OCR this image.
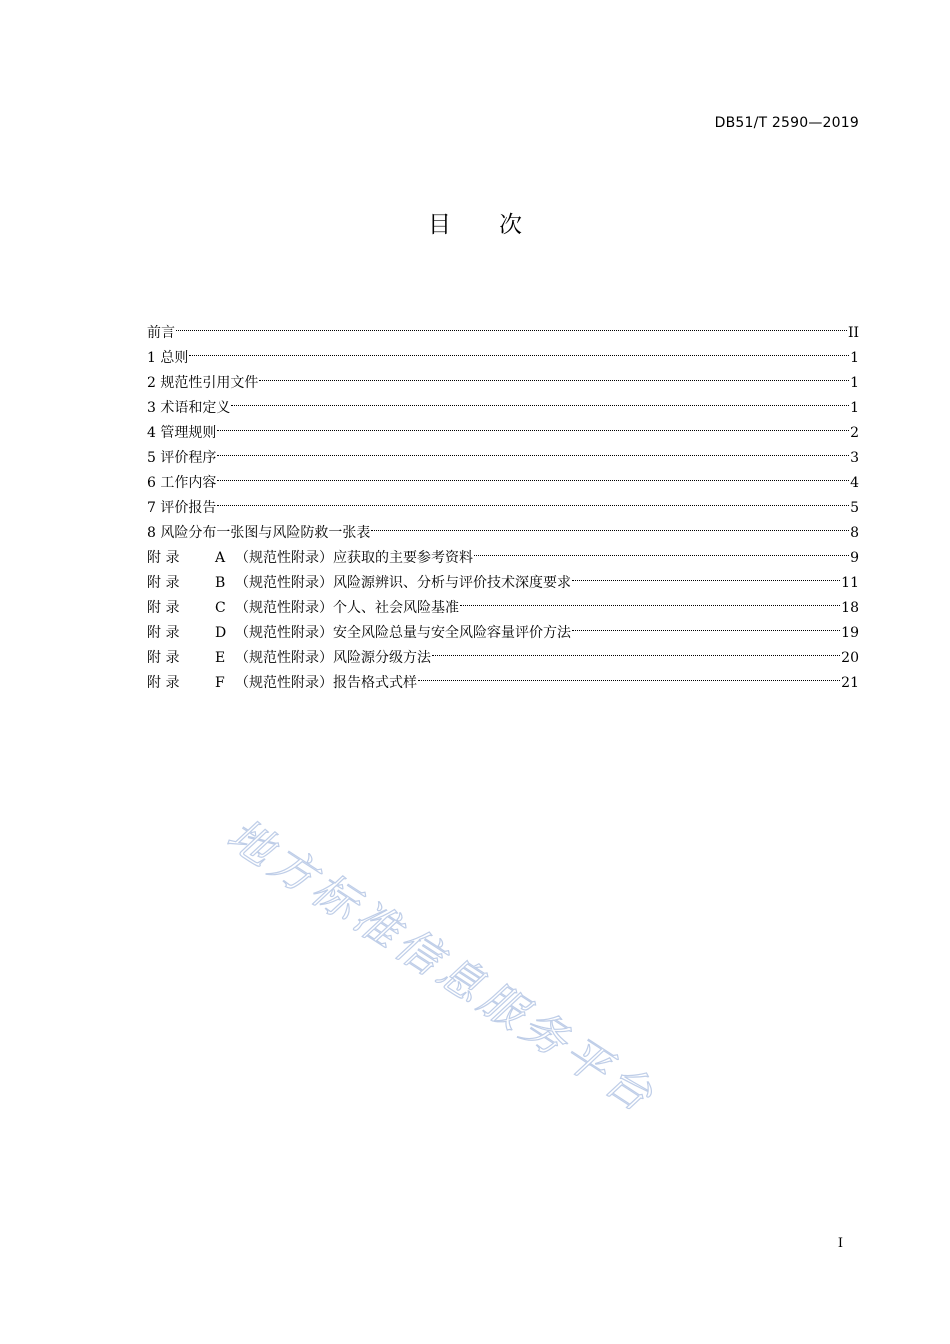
DB51/T 2590—2019
目 次
前言	II
1 总则	1
2 规范性引用文件	1
3 术语和定义	1
4 管理规则	2
5 评价程序	3
6 工作内容	4
7 评价报告	5
8 风险分布一张图与风险防救一张表	8
附 录	A （规范性附录）应获取的主要参考资料	9
附 录	B （规范性附录）风险源辨识、分析与评价技术深度要求	11
附 录	C （规范性附录）个人、社会风险基准	18
附 录	D （规范性附录）安全风险总量与安全风险容量评价方法	19
附 录	E （规范性附录）风险源分级方法	20
附 录	F （规范性附录）报告格式式样	21
地方标准信息服务平台
I
